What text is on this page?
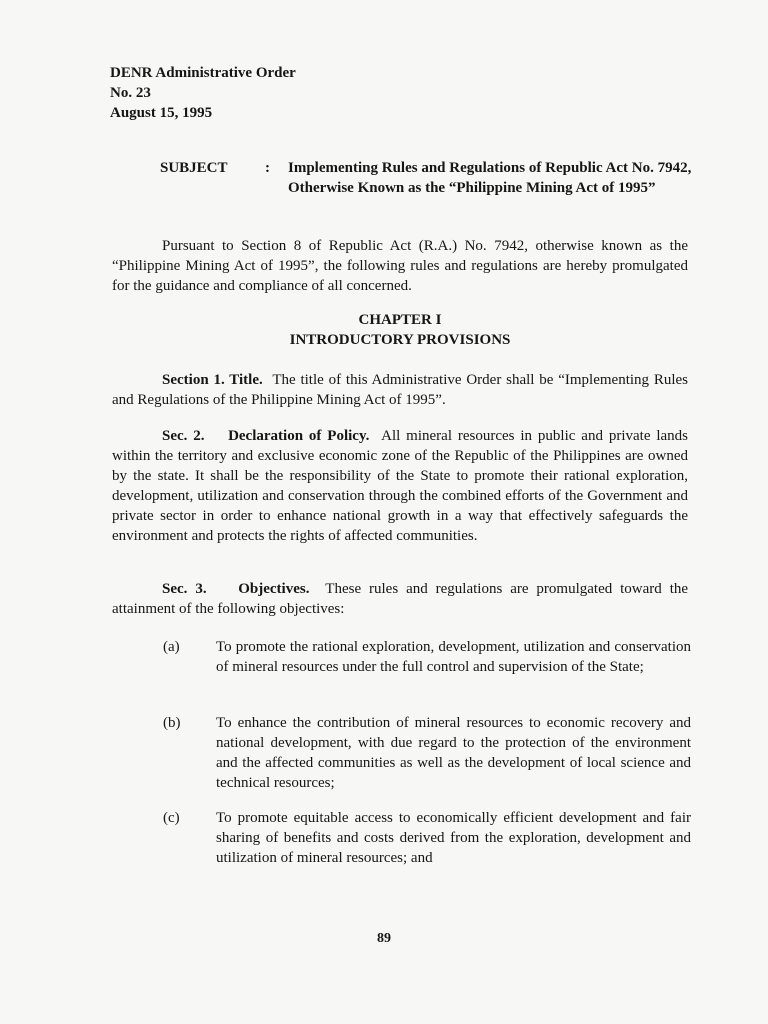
DENR Administrative Order
No. 23
August 15, 1995
SUBJECT : Implementing Rules and Regulations of Republic Act No. 7942, Otherwise Known as the “Philippine Mining Act of 1995”

Pursuant to Section 8 of Republic Act (R.A.) No. 7942, otherwise known as the “Philippine Mining Act of 1995”, the following rules and regulations are hereby promulgated for the guidance and compliance of all concerned.

CHAPTER I
INTRODUCTORY PROVISIONS

Section 1. Title. The title of this Administrative Order shall be “Implementing Rules and Regulations of the Philippine Mining Act of 1995”.

Sec. 2. Declaration of Policy. All mineral resources in public and private lands within the territory and exclusive economic zone of the Republic of the Philippines are owned by the state. It shall be the responsibility of the State to promote their rational exploration, development, utilization and conservation through the combined efforts of the Government and private sector in order to enhance national growth in a way that effectively safeguards the environment and protects the rights of affected communities.

Sec. 3. Objectives. These rules and regulations are promulgated toward the attainment of the following objectives:

(a) To promote the rational exploration, development, utilization and conservation of mineral resources under the full control and supervision of the State;
(b) To enhance the contribution of mineral resources to economic recovery and national development, with due regard to the protection of the environment and the affected communities as well as the development of local science and technical resources;
(c) To promote equitable access to economically efficient development and fair sharing of benefits and costs derived from the exploration, development and utilization of mineral resources; and
89
